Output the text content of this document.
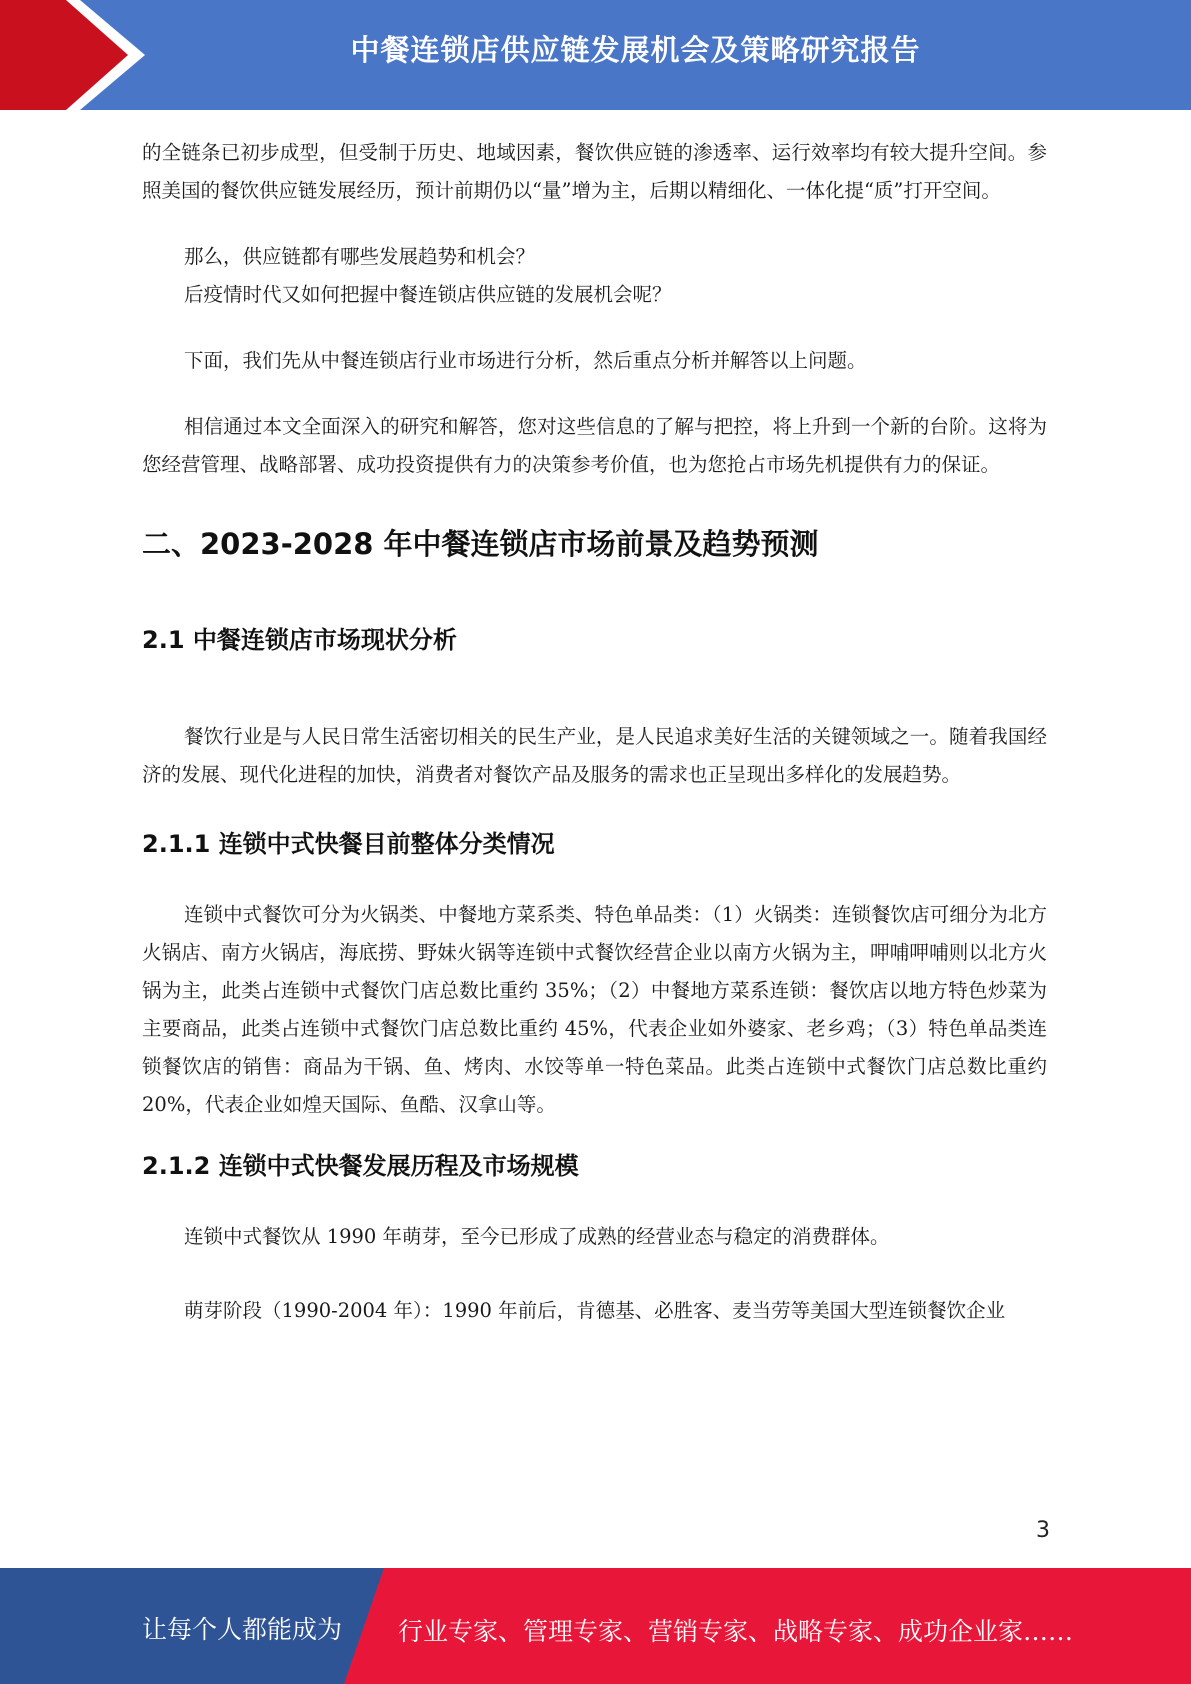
中餐连锁店供应链发展机会及策略研究报告

的全链条已初步成型，但受制于历史、地域因素，餐饮供应链的渗透率、运行效率均有较大提升空间。参照美国的餐饮供应链发展经历，预计前期仍以“量”增为主，后期以精细化、一体化提“质”打开空间。

那么，供应链都有哪些发展趋势和机会？

后疫情时代又如何把握中餐连锁店供应链的发展机会呢？

下面，我们先从中餐连锁店行业市场进行分析，然后重点分析并解答以上问题。

相信通过本文全面深入的研究和解答，您对这些信息的了解与把控，将上升到一个新的台阶。这将为您经营管理、战略部署、成功投资提供有力的决策参考价值，也为您抢占市场先机提供有力的保证。

二、2023-2028 年中餐连锁店市场前景及趋势预测
2.1 中餐连锁店市场现状分析

餐饮行业是与人民日常生活密切相关的民生产业，是人民追求美好生活的关键领域之一。随着我国经济的发展、现代化进程的加快，消费者对餐饮产品及服务的需求也正呈现出多样化的发展趋势。

2.1.1 连锁中式快餐目前整体分类情况

连锁中式餐饮可分为火锅类、中餐地方菜系类、特色单品类：（1）火锅类：连锁餐饮店可细分为北方火锅店、南方火锅店，海底捞、野妹火锅等连锁中式餐饮经营企业以南方火锅为主，呷哺呷哺则以北方火锅为主，此类占连锁中式餐饮门店总数比重约 35%；（2）中餐地方菜系连锁：餐饮店以地方特色炒菜为主要商品，此类占连锁中式餐饮门店总数比重约 45%，代表企业如外婆家、老乡鸡；（3）特色单品类连锁餐饮店的销售：商品为干锅、鱼、烤肉、水饺等单一特色菜品。此类占连锁中式餐饮门店总数比重约 20%，代表企业如煌天国际、鱼酷、汉拿山等。

2.1.2 连锁中式快餐发展历程及市场规模

连锁中式餐饮从 1990 年萌芽，至今已形成了成熟的经营业态与稳定的消费群体。

萌芽阶段（1990-2004 年）：1990 年前后，肯德基、必胜客、麦当劳等美国大型连锁餐饮企业

3
让每个人都能成为 行业专家、管理专家、营销专家、战略专家、成功企业家……
